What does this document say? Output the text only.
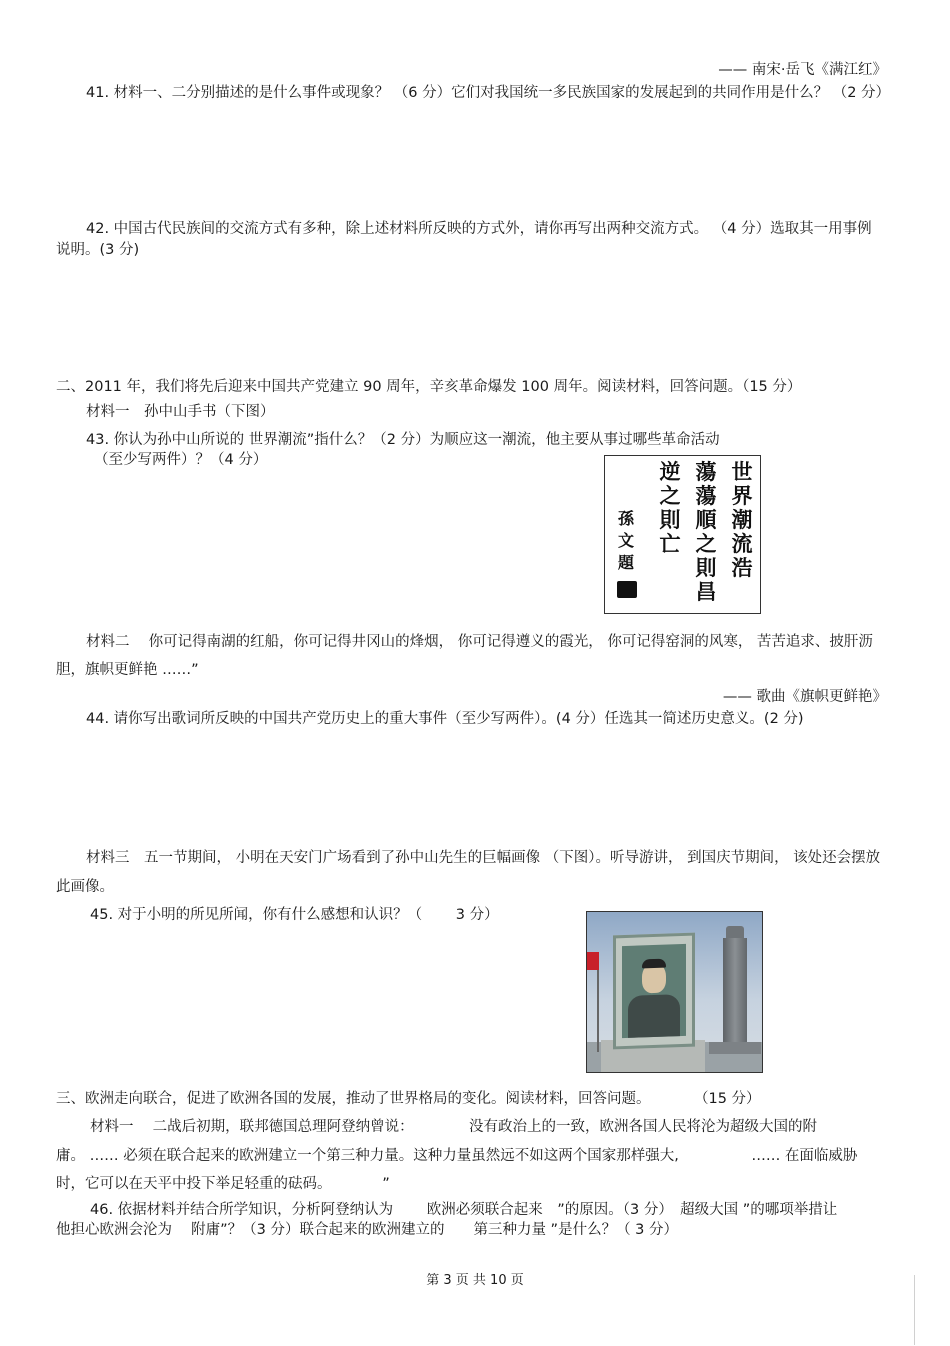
—— 南宋·岳飞《满江红》
41. 材料一、二分别描述的是什么事件或现象？ （6 分）它们对我国统一多民族国家的发展起到的共同作用是什么？ （2 分）
42. 中国古代民族间的交流方式有多种，除上述材料所反映的方式外，请你再写出两种交流方式。 （4 分）选取其一用事例
说明。(3 分)
二、2011 年，我们将先后迎来中国共产党建立 90 周年，辛亥革命爆发 100 周年。阅读材料，回答问题。（15 分）
材料一　孙中山手书（下图）
43. 你认为孙中山所说的 世界潮流”指什么？（2 分）为顺应这一潮流，他主要从事过哪些革命活动
（至少写两件）？（4 分）	世
界
潮
流
浩
蕩
蕩
順
之
則
昌
逆
之
則
亡
孫
文
題
材料二　 你可记得南湖的红船，你可记得井冈山的烽烟， 你可记得遵义的霞光， 你可记得窑洞的风寒， 苦苦追求、披肝沥
胆，旗帜更鲜艳 ……”
—— 歌曲《旗帜更鲜艳》
44. 请你写出歌词所反映的中国共产党历史上的重大事件（至少写两件）。(4 分）任选其一简述历史意义。(2 分)
材料三　五一节期间， 小明在天安门广场看到了孙中山先生的巨幅画像 （下图）。听导游讲， 到国庆节期间， 该处还会摆放
此画像。
45. 对于小明的所见所闻，你有什么感想和认识？（　　 3 分）
三、欧洲走向联合，促进了欧洲各国的发展，推动了世界格局的变化。阅读材料，回答问题。　　　　（15 分）
材料一　 二战后初期，联邦德国总理阿登纳曾说：　　　　 没有政治上的一致，欧洲各国人民将沦为超级大国的附
庸。 …… 必须在联合起来的欧洲建立一个第三种力量。这种力量虽然远不如这两个国家那样强大,　　　　　…… 在面临威胁
时，它可以在天平中投下举足轻重的砝码。　　　　”
46. 依据材料并结合所学知识，分析阿登纳认为　　 欧洲必须联合起来　”的原因。（3 分）　超级大国 ”的哪项举措让
他担心欧洲会沦为　 附庸”？（3 分）联合起来的欧洲建立的　　第三种力量 ”是什么？（ 3 分）
第 3 页 共 10 页
